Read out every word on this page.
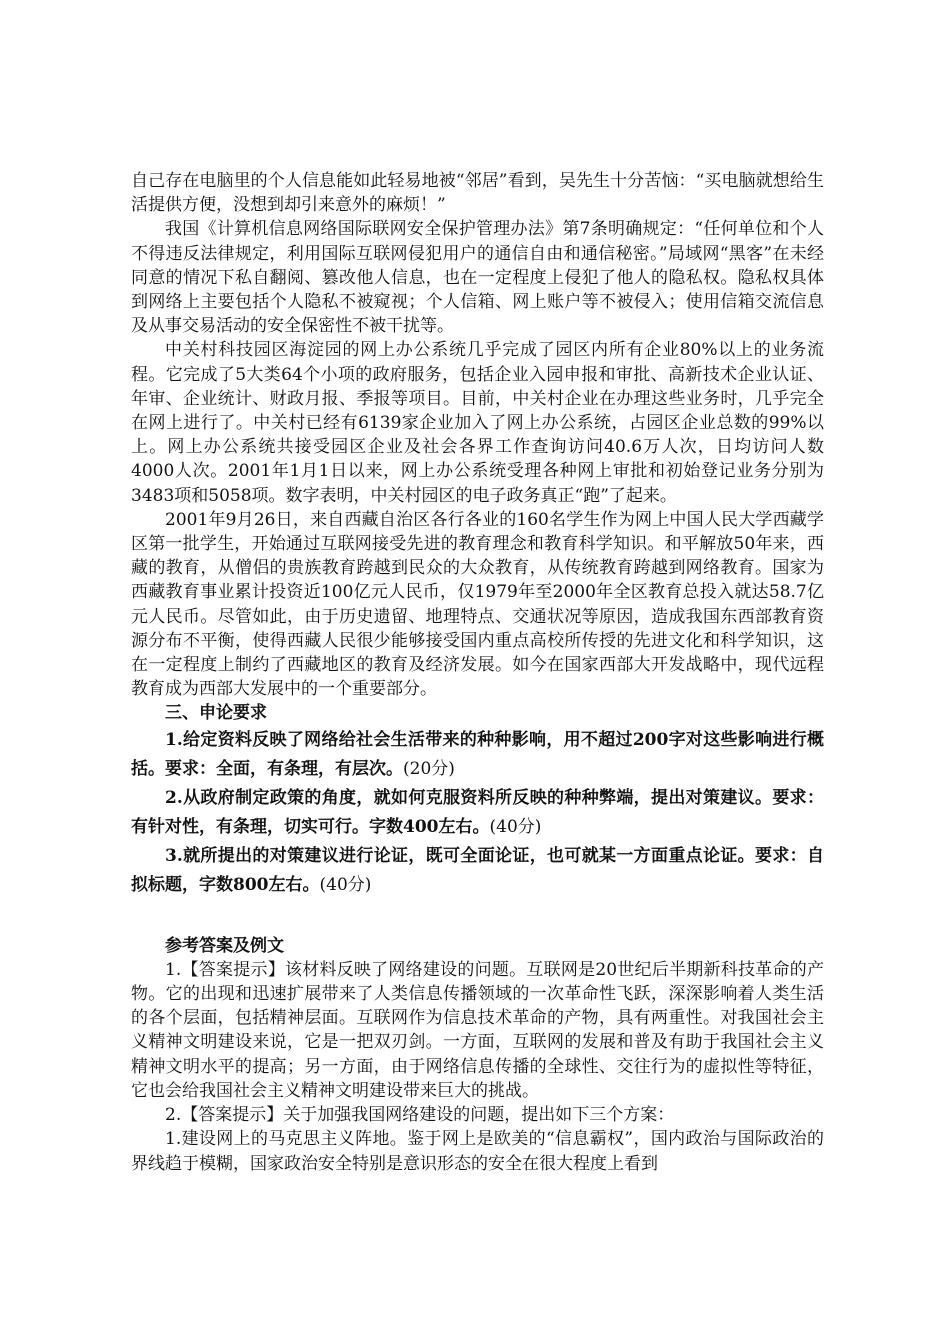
自己存在电脑里的个人信息能如此轻易地被“邻居”看到，吴先生十分苦恼：“买电脑就想给生活提供方便，没想到却引来意外的麻烦！”

我国《计算机信息网络国际联网安全保护管理办法》第7条明确规定：“任何单位和个人不得违反法律规定，利用国际互联网侵犯用户的通信自由和通信秘密。”局域网“黑客”在未经同意的情况下私自翻阅、篡改他人信息，也在一定程度上侵犯了他人的隐私权。隐私权具体到网络上主要包括个人隐私不被窥视；个人信箱、网上账户等不被侵入；使用信箱交流信息及从事交易活动的安全保密性不被干扰等。

中关村科技园区海淀园的网上办公系统几乎完成了园区内所有企业80%以上的业务流程。它完成了5大类64个小项的政府服务，包括企业入园申报和审批、高新技术企业认证、年审、企业统计、财政月报、季报等项目。目前，中关村企业在办理这些业务时，几乎完全在网上进行了。中关村已经有6139家企业加入了网上办公系统，占园区企业总数的99%以上。网上办公系统共接受园区企业及社会各界工作查询访问40.6万人次，日均访问人数4000人次。2001年1月1日以来，网上办公系统受理各种网上审批和初始登记业务分别为3483项和5058项。数字表明，中关村园区的电子政务真正“跑”了起来。

2001年9月26日，来自西藏自治区各行各业的160名学生作为网上中国人民大学西藏学区第一批学生，开始通过互联网接受先进的教育理念和教育科学知识。和平解放50年来，西藏的教育，从僧侣的贵族教育跨越到民众的大众教育，从传统教育跨越到网络教育。国家为西藏教育事业累计投资近100亿元人民币，仅1979年至2000年全区教育总投入就达58.7亿元人民币。尽管如此，由于历史遗留、地理特点、交通状况等原因，造成我国东西部教育资源分布不平衡，使得西藏人民很少能够接受国内重点高校所传授的先进文化和科学知识，这在一定程度上制约了西藏地区的教育及经济发展。如今在国家西部大开发战略中，现代远程教育成为西部大发展中的一个重要部分。

三、申论要求

1.给定资料反映了网络给社会生活带来的种种影响，用不超过200字对这些影响进行概括。要求：全面，有条理，有层次。(20分)

2.从政府制定政策的角度，就如何克服资料所反映的种种弊端，提出对策建议。要求：有针对性，有条理，切实可行。字数400左右。(40分)

3.就所提出的对策建议进行论证，既可全面论证，也可就某一方面重点论证。要求：自拟标题，字数800左右。(40分)

参考答案及例文

1.【答案提示】该材料反映了网络建设的问题。互联网是20世纪后半期新科技革命的产物。它的出现和迅速扩展带来了人类信息传播领域的一次革命性飞跃，深深影响着人类生活的各个层面，包括精神层面。互联网作为信息技术革命的产物，具有两重性。对我国社会主义精神文明建设来说，它是一把双刃剑。一方面，互联网的发展和普及有助于我国社会主义精神文明水平的提高；另一方面，由于网络信息传播的全球性、交往行为的虚拟性等特征，它也会给我国社会主义精神文明建设带来巨大的挑战。

2.【答案提示】关于加强我国网络建设的问题，提出如下三个方案：

1.建设网上的马克思主义阵地。鉴于网上是欧美的“信息霸权”，国内政治与国际政治的界线趋于模糊，国家政治安全特别是意识形态的安全在很大程度上看到
